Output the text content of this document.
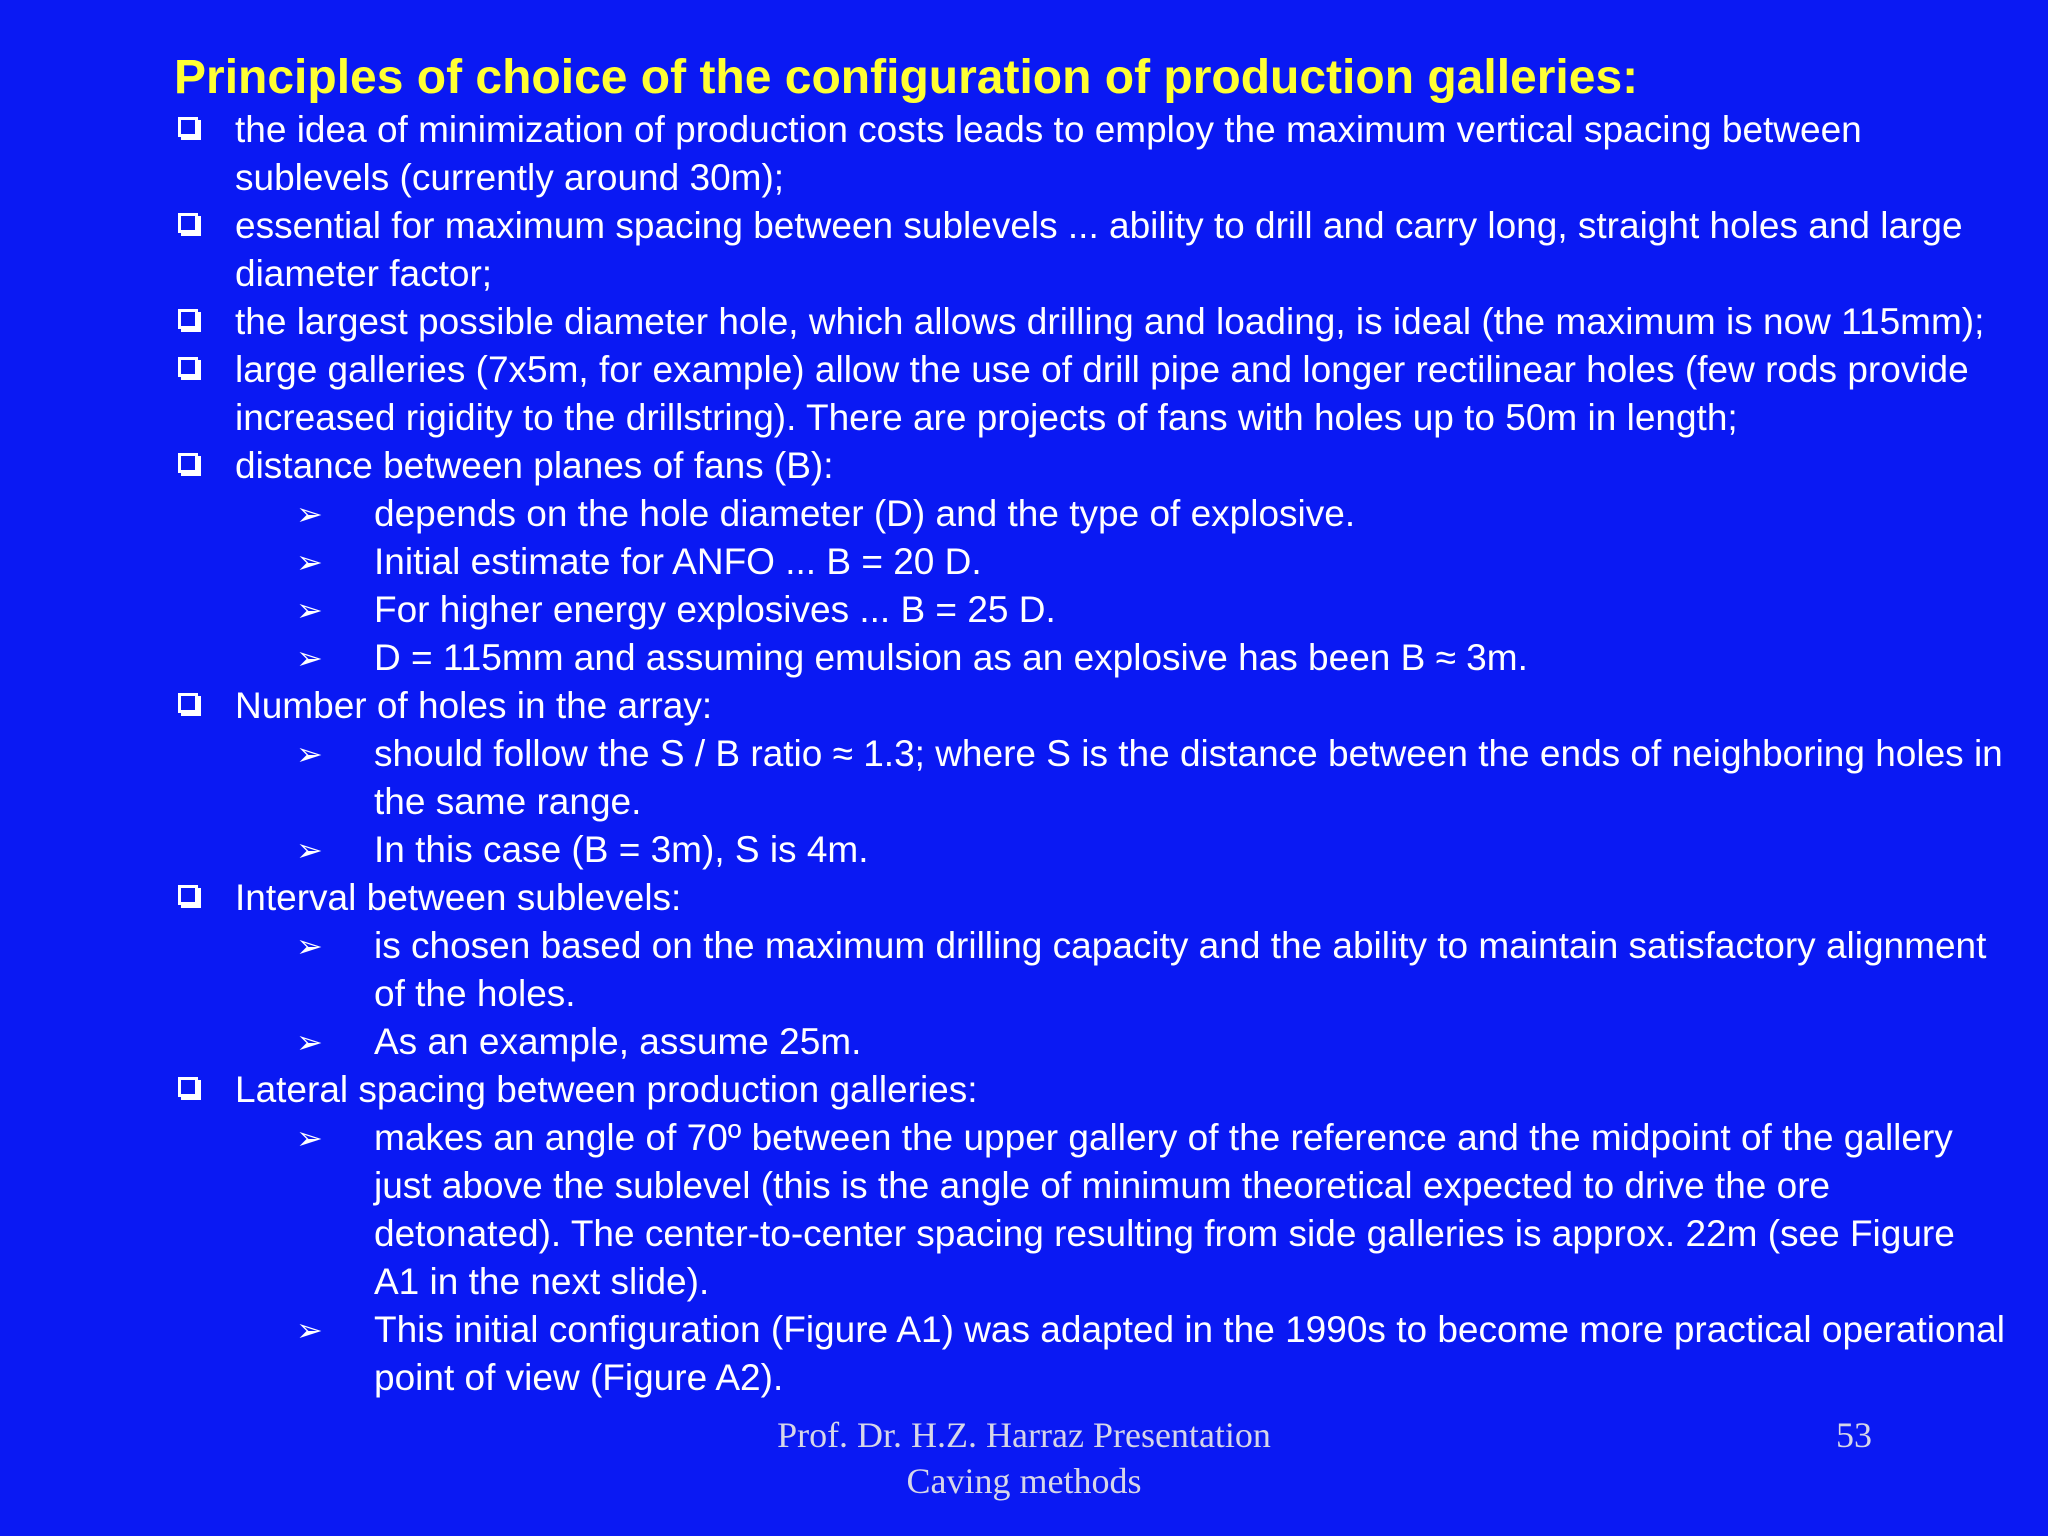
Principles of choice of the configuration of production galleries:
the idea of minimization of production costs leads to employ the maximum vertical spacing between sublevels (currently around 30m);
essential for maximum spacing between sublevels ... ability to drill and carry long, straight holes and large diameter factor;
the largest possible diameter hole, which allows drilling and loading, is ideal (the maximum is now 115mm);
large galleries (7x5m, for example) allow the use of drill pipe and longer rectilinear holes (few rods provide increased rigidity to the drillstring). There are projects of fans with holes up to 50m in length;
distance between planes of fans (B):
➢ depends on the hole diameter (D) and the type of explosive.
➢ Initial estimate for ANFO ... B = 20 D.
➢ For higher energy explosives ... B = 25 D.
➢ D = 115mm and assuming emulsion as an explosive has been B ≈ 3m.
Number of holes in the array:
➢ should follow the S / B ratio ≈ 1.3; where S is the distance between the ends of neighboring holes in the same range.
➢ In this case (B = 3m), S is 4m.
Interval between sublevels:
➢ is chosen based on the maximum drilling capacity and the ability to maintain satisfactory alignment of the holes.
➢ As an example, assume 25m.
Lateral spacing between production galleries:
➢ makes an angle of 70º between the upper gallery of the reference and the midpoint of the gallery just above the sublevel (this is the angle of minimum theoretical expected to drive the ore detonated). The center-to-center spacing resulting from side galleries is approx. 22m (see Figure A1 in the next slide).
➢ This initial configuration (Figure A1) was adapted in the 1990s to become more practical operational point of view (Figure A2).
Prof. Dr. H.Z. Harraz Presentation
Caving methods
53
